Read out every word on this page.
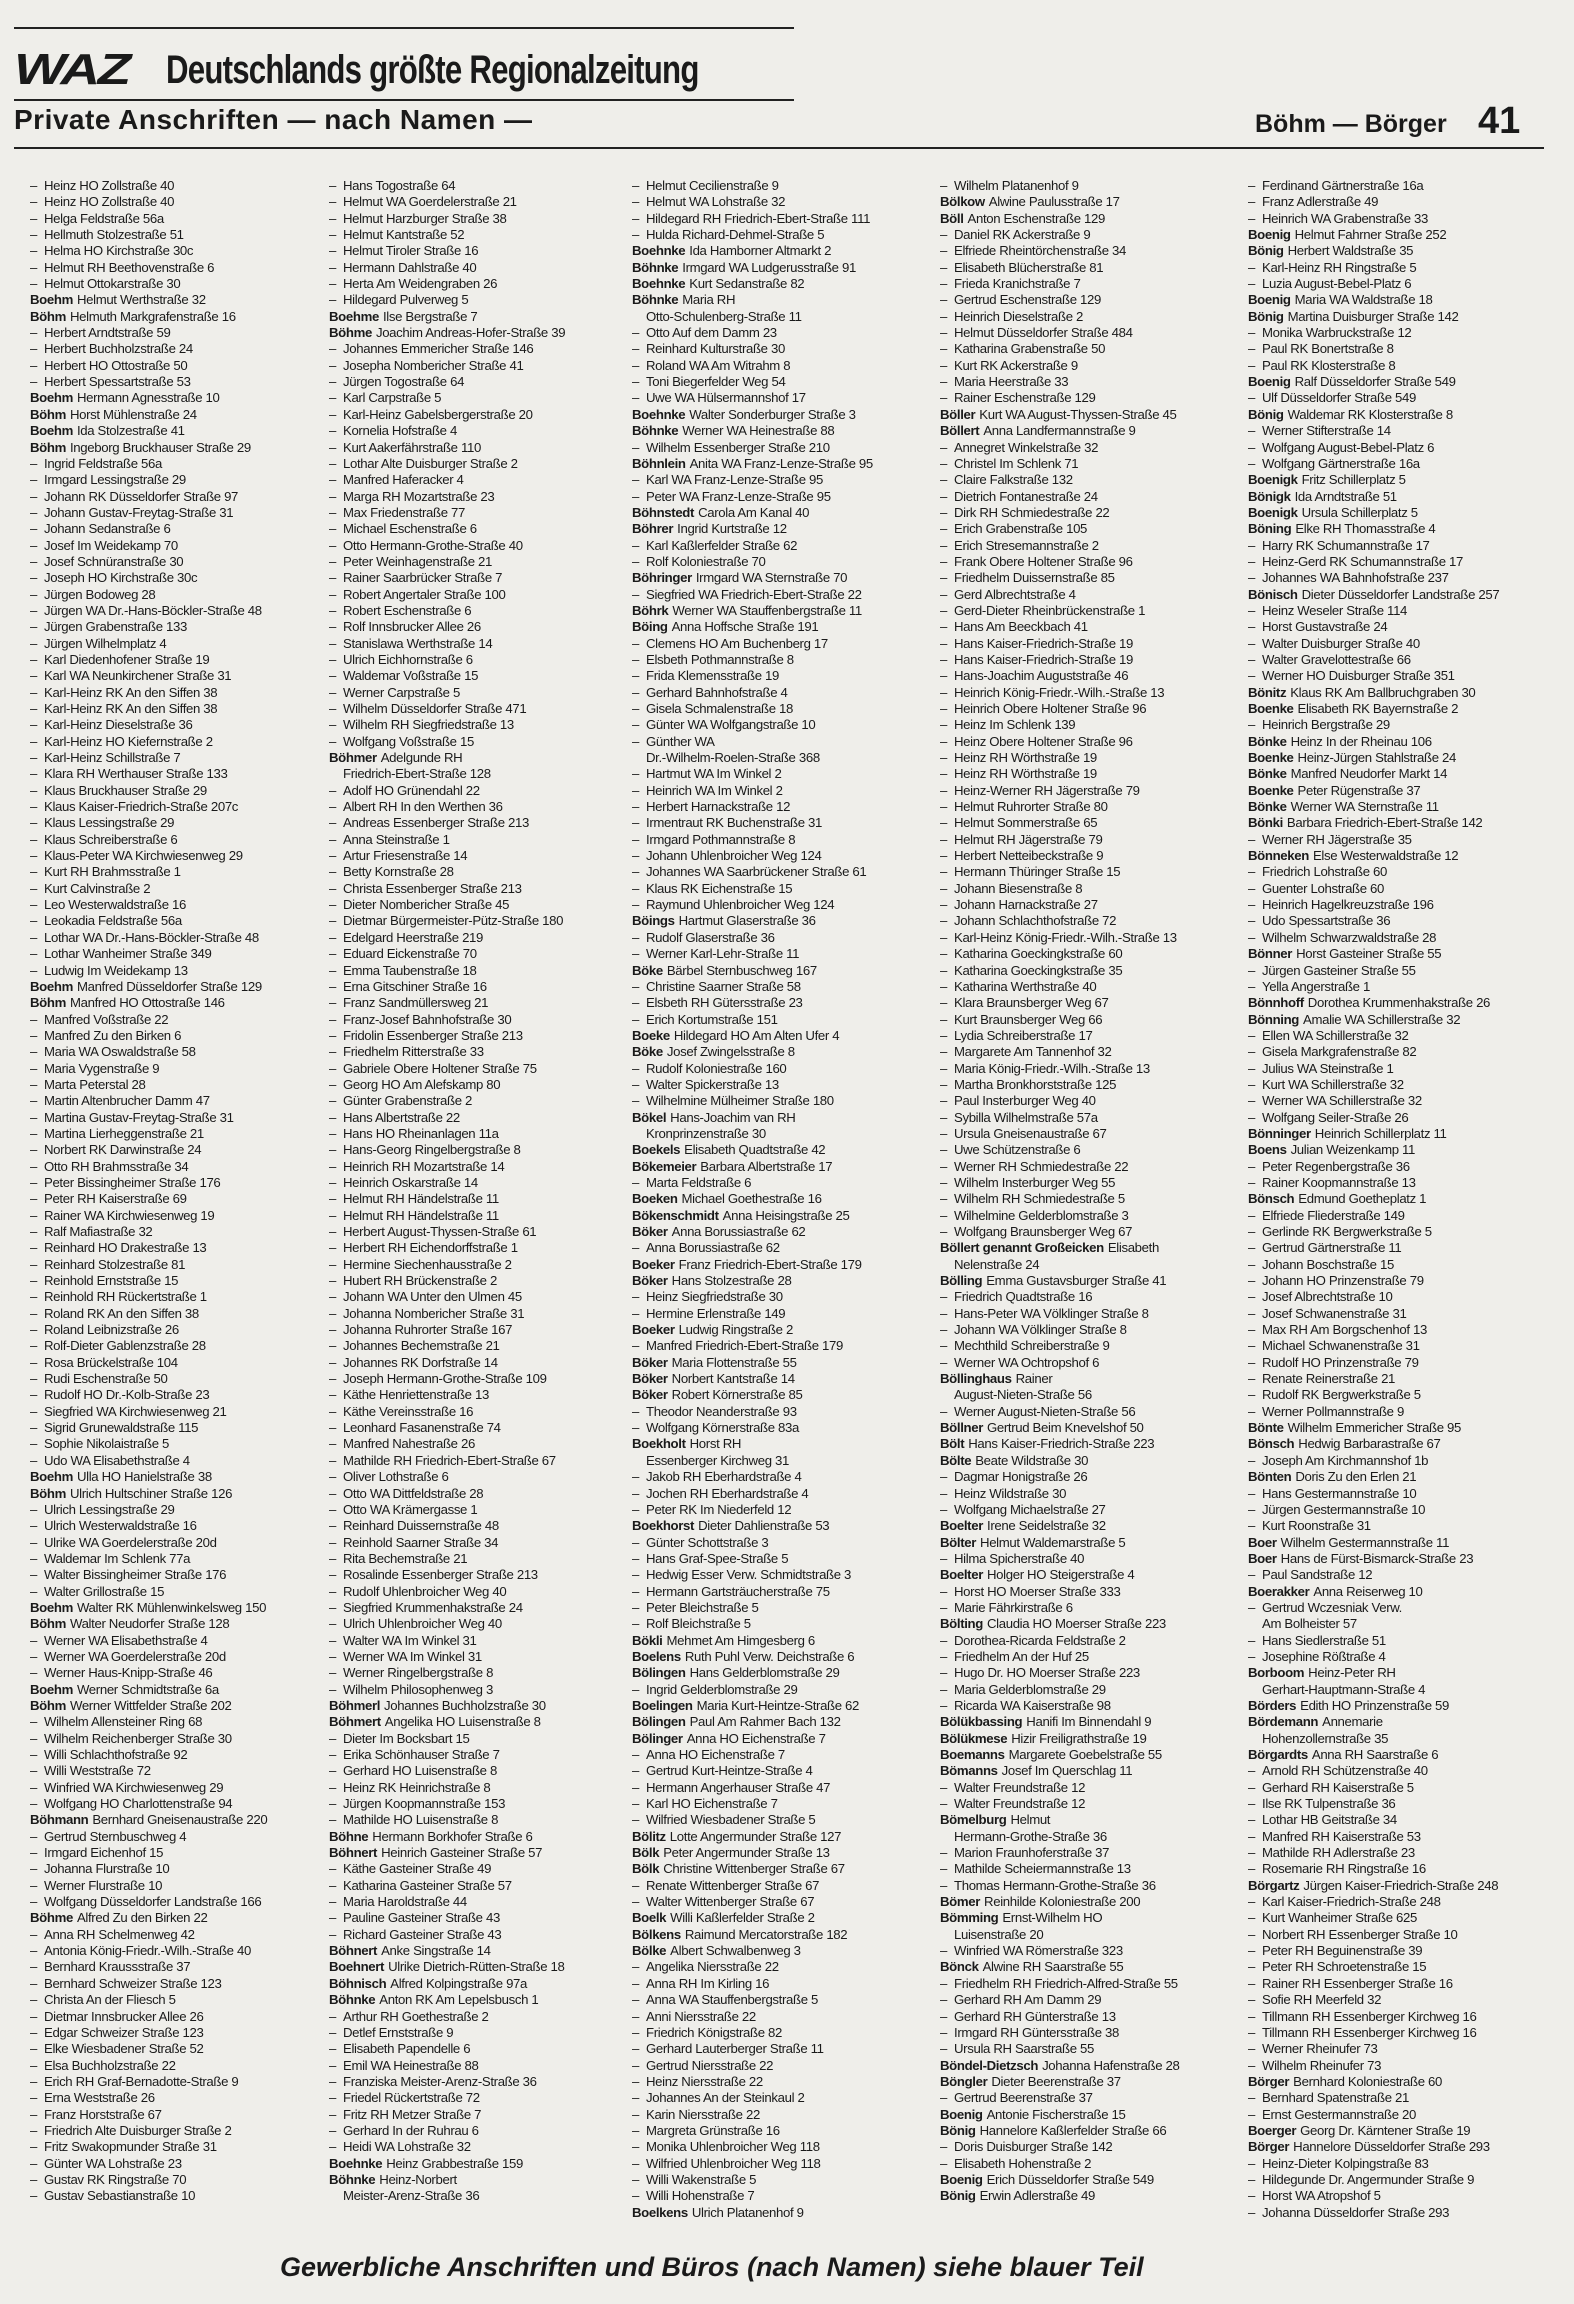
WAZ Deutschlands größte Regionalzeitung
Private Anschriften — nach Namen —	Böhm — Börger 41
– Heinz HO Zollstraße 40
– Heinz HO Zollstraße 40
– Helga Feldstraße 56a
– Hellmuth Stolzestraße 51
– Helma HO Kirchstraße 30c
– Helmut RH Beethovenstraße 6
– Helmut Ottokarstraße 30
Boehm Helmut Werthstraße 32
Böhm Helmuth Markgrafenstraße 16
– Herbert Arndtstraße 59
– Herbert Buchholzstraße 24
– Herbert HO Ottostraße 50
– Herbert Spessartstraße 53
Boehm Hermann Agnesstraße 10
Böhm Horst Mühlenstraße 24
Boehm Ida Stolzestraße 41
Böhm Ingeborg Bruckhauser Straße 29
– Ingrid Feldstraße 56a
– Irmgard Lessingstraße 29
– Johann RK Düsseldorfer Straße 97
– Johann Gustav-Freytag-Straße 31
– Johann Sedanstraße 6
– Josef Im Weidekamp 70
– Josef Schnüranstraße 30
– Joseph HO Kirchstraße 30c
– Jürgen Bodoweg 28
– Jürgen WA Dr.-Hans-Böckler-Straße 48
– Jürgen Grabenstraße 133
– Jürgen Wilhelmplatz 4
– Karl Diedenhofener Straße 19
– Karl WA Neunkirchener Straße 31
– Karl-Heinz RK An den Siffen 38
– Karl-Heinz RK An den Siffen 38
– Karl-Heinz Dieselstraße 36
– Karl-Heinz HO Kiefernstraße 2
– Karl-Heinz Schillstraße 7
– Klara RH Werthauser Straße 133
– Klaus Bruckhauser Straße 29
– Klaus Kaiser-Friedrich-Straße 207c
– Klaus Lessingstraße 29
– Klaus Schreiberstraße 6
– Klaus-Peter WA Kirchwiesenweg 29
– Kurt RH Brahmsstraße 1
– Kurt Calvinstraße 2
– Leo Westerwaldstraße 16
– Leokadia Feldstraße 56a
– Lothar WA Dr.-Hans-Böckler-Straße 48
– Lothar Wanheimer Straße 349
– Ludwig Im Weidekamp 13
Boehm Manfred Düsseldorfer Straße 129
Böhm Manfred HO Ottostraße 146
– Manfred Voßstraße 22
– Manfred Zu den Birken 6
– Maria WA Oswaldstraße 58
– Maria Vygenstraße 9
– Marta Peterstal 28
– Martin Altenbrucher Damm 47
– Martina Gustav-Freytag-Straße 31
– Martina Lierheggenstraße 21
– Norbert RK Darwinstraße 24
– Otto RH Brahmsstraße 34
– Peter Bissingheimer Straße 176
– Peter RH Kaiserstraße 69
– Rainer WA Kirchwiesenweg 19
– Ralf Mafiastraße 32
– Reinhard HO Drakestraße 13
– Reinhard Stolzestraße 81
– Reinhold Ernststraße 15
– Reinhold RH Rückertstraße 1
– Roland RK An den Siffen 38
– Roland Leibnizstraße 26
– Rolf-Dieter Gablenzstraße 28
– Rosa Brückelstraße 104
– Rudi Eschenstraße 50
– Rudolf HO Dr.-Kolb-Straße 23
– Siegfried WA Kirchwiesenweg 21
– Sigrid Grunewaldstraße 115
– Sophie Nikolaistraße 5
– Udo WA Elisabethstraße 4
Boehm Ulla HO Hanielstraße 38
Böhm Ulrich Hultschiner Straße 126
– Ulrich Lessingstraße 29
– Ulrich Westerwaldstraße 16
– Ulrike WA Goerdelerstraße 20d
– Waldemar Im Schlenk 77a
– Walter Bissingheimer Straße 176
– Walter Grillostraße 15
Boehm Walter RK Mühlenwinkelsweg 150
Böhm Walter Neudorfer Straße 128
– Werner WA Elisabethstraße 4
– Werner WA Goerdelerstraße 20d
– Werner Haus-Knipp-Straße 46
Boehm Werner Schmidtstraße 6a
Böhm Werner Wittfelder Straße 202
– Wilhelm Allensteiner Ring 68
– Wilhelm Reichenberger Straße 30
– Willi Schlachthofstraße 92
– Willi Weststraße 72
– Winfried WA Kirchwiesenweg 29
– Wolfgang HO Charlottenstraße 94
Böhmann Bernhard Gneisenaustraße 220
– Gertrud Sternbuschweg 4
– Irmgard Eichenhof 15
– Johanna Flurstraße 10
– Werner Flurstraße 10
– Wolfgang Düsseldorfer Landstraße 166
Böhme Alfred Zu den Birken 22
– Anna RH Schelmenweg 42
– Antonia König-Friedr.-Wilh.-Straße 40
– Bernhard Kraussstraße 37
– Bernhard Schweizer Straße 123
– Christa An der Fliesch 5
– Dietmar Innsbrucker Allee 26
– Edgar Schweizer Straße 123
– Elke Wiesbadener Straße 52
– Elsa Buchholzstraße 22
– Erich RH Graf-Bernadotte-Straße 9
– Erna Weststraße 26
– Franz Horststraße 67
– Friedrich Alte Duisburger Straße 2
– Fritz Swakopmunder Straße 31
– Günter WA Lohstraße 23
– Gustav RK Ringstraße 70
– Gustav Sebastianstraße 10
– Hans Togostraße 64
– Helmut WA Goerdelerstraße 21
– Helmut Harzburger Straße 38
– Helmut Kantstraße 52
– Helmut Tiroler Straße 16
– Hermann Dahlstraße 40
– Herta Am Weidengraben 26
– Hildegard Pulverweg 5
Boehme Ilse Bergstraße 7
Böhme Joachim Andreas-Hofer-Straße 39
– Johannes Emmericher Straße 146
– Josepha Nombericher Straße 41
– Jürgen Togostraße 64
– Karl Carpstraße 5
– Karl-Heinz Gabelsbergerstraße 20
– Kornelia Hofstraße 4
– Kurt Aakerfährstraße 110
– Lothar Alte Duisburger Straße 2
– Manfred Haferacker 4
– Marga RH Mozartstraße 23
– Max Friedenstraße 77
– Michael Eschenstraße 6
– Otto Hermann-Grothe-Straße 40
– Peter Weinhagenstraße 21
– Rainer Saarbrücker Straße 7
– Robert Angertaler Straße 100
– Robert Eschenstraße 6
– Rolf Innsbrucker Allee 26
– Stanislawa Werthstraße 14
– Ulrich Eichhornstraße 6
– Waldemar Voßstraße 15
– Werner Carpstraße 5
– Wilhelm Düsseldorfer Straße 471
– Wilhelm RH Siegfriedstraße 13
– Wolfgang Voßstraße 15
Böhmer Adelgunde RH
Friedrich-Ebert-Straße 128
– Adolf HO Grünendahl 22
– Albert RH In den Werthen 36
– Andreas Essenberger Straße 213
– Anna Steinstraße 1
– Artur Friesenstraße 14
– Betty Kornstraße 28
– Christa Essenberger Straße 213
– Dieter Nombericher Straße 45
– Dietmar Bürgermeister-Pütz-Straße 180
– Edelgard Heerstraße 219
– Eduard Eickenstraße 70
– Emma Taubenstraße 18
– Erna Gitschiner Straße 16
– Franz Sandmüllersweg 21
– Franz-Josef Bahnhofstraße 30
– Fridolin Essenberger Straße 213
– Friedhelm Ritterstraße 33
– Gabriele Obere Holtener Straße 75
– Georg HO Am Alefskamp 80
– Günter Grabenstraße 2
– Hans Albertstraße 22
– Hans HO Rheinanlagen 11a
– Hans-Georg Ringelbergstraße 8
– Heinrich RH Mozartstraße 14
– Heinrich Oskarstraße 14
– Helmut RH Händelstraße 11
– Helmut RH Händelstraße 11
– Herbert August-Thyssen-Straße 61
– Herbert RH Eichendorffstraße 1
– Hermine Siechenhausstraße 2
– Hubert RH Brückenstraße 2
– Johann WA Unter den Ulmen 45
– Johanna Nombericher Straße 31
– Johanna Ruhrorter Straße 167
– Johannes Bechemstraße 21
– Johannes RK Dorfstraße 14
– Joseph Hermann-Grothe-Straße 109
– Käthe Henriettenstraße 13
– Käthe Vereinsstraße 16
– Leonhard Fasanenstraße 74
– Manfred Nahestraße 26
– Mathilde RH Friedrich-Ebert-Straße 67
– Oliver Lothstraße 6
– Otto WA Dittfeldstraße 28
– Otto WA Krämergasse 1
– Reinhard Duissernstraße 48
– Reinhold Saarner Straße 34
– Rita Bechemstraße 21
– Rosalinde Essenberger Straße 213
– Rudolf Uhlenbroicher Weg 40
– Siegfried Krummenhakstraße 24
– Ulrich Uhlenbroicher Weg 40
– Walter WA Im Winkel 31
– Werner WA Im Winkel 31
– Werner Ringelbergstraße 8
– Wilhelm Philosophenweg 3
Böhmerl Johannes Buchholzstraße 30
Böhmert Angelika HO Luisenstraße 8
– Dieter Im Bocksbart 15
– Erika Schönhauser Straße 7
– Gerhard HO Luisenstraße 8
– Heinz RK Heinrichstraße 8
– Jürgen Koopmannstraße 153
– Mathilde HO Luisenstraße 8
Böhne Hermann Borkhofer Straße 6
Böhnert Heinrich Gasteiner Straße 57
– Käthe Gasteiner Straße 49
– Katharina Gasteiner Straße 57
– Maria Haroldstraße 44
– Pauline Gasteiner Straße 43
– Richard Gasteiner Straße 43
Böhnert Anke Singstraße 14
Boehnert Ulrike Dietrich-Rütten-Straße 18
Böhnisch Alfred Kolpingstraße 97a
Böhnke Anton RK Am Lepelsbusch 1
– Arthur RH Goethestraße 2
– Detlef Ernststraße 9
– Elisabeth Papendelle 6
– Emil WA Heinestraße 88
– Franziska Meister-Arenz-Straße 36
– Friedel Rückertstraße 72
– Fritz RH Metzer Straße 7
– Gerhard In der Ruhrau 6
– Heidi WA Lohstraße 32
Boehnke Heinz Grabbestraße 159
Böhnke Heinz-Norbert
Meister-Arenz-Straße 36
– Helmut Cecilienstraße 9
– Helmut WA Lohstraße 32
– Hildegard RH Friedrich-Ebert-Straße 111
– Hulda Richard-Dehmel-Straße 5
Boehnke Ida Hamborner Altmarkt 2
Böhnke Irmgard WA Ludgerusstraße 91
Boehnke Kurt Sedanstraße 82
Böhnke Maria RH
Otto-Schulenberg-Straße 11
– Otto Auf dem Damm 23
– Reinhard Kulturstraße 30
– Roland WA Am Witrahm 8
– Toni Biegerfelder Weg 54
– Uwe WA Hülsermannshof 17
Boehnke Walter Sonderburger Straße 3
Böhnke Werner WA Heinestraße 88
– Wilhelm Essenberger Straße 210
Böhnlein Anita WA Franz-Lenze-Straße 95
– Karl WA Franz-Lenze-Straße 95
– Peter WA Franz-Lenze-Straße 95
Böhnstedt Carola Am Kanal 40
Böhrer Ingrid Kurtstraße 12
– Karl Kaßlerfelder Straße 62
– Rolf Koloniestraße 70
Böhringer Irmgard WA Sternstraße 70
– Siegfried WA Friedrich-Ebert-Straße 22
Böhrk Werner WA Stauffenbergstraße 11
Böing Anna Hoffsche Straße 191
– Clemens HO Am Buchenberg 17
– Elsbeth Pothmannstraße 8
– Frida Klemensstraße 19
– Gerhard Bahnhofstraße 4
– Gisela Schmalenstraße 18
– Günter WA Wolfgangstraße 10
– Günther WA
Dr.-Wilhelm-Roelen-Straße 368
– Hartmut WA Im Winkel 2
– Heinrich WA Im Winkel 2
– Herbert Harnackstraße 12
– Irmentraut RK Buchenstraße 31
– Irmgard Pothmannstraße 8
– Johann Uhlenbroicher Weg 124
– Johannes WA Saarbrückener Straße 61
– Klaus RK Eichenstraße 15
– Raymund Uhlenbroicher Weg 124
Böings Hartmut Glaserstraße 36
– Rudolf Glaserstraße 36
– Werner Karl-Lehr-Straße 11
Böke Bärbel Sternbuschweg 167
– Christine Saarner Straße 58
– Elsbeth RH Gütersstraße 23
– Erich Kortumstraße 151
Boeke Hildegard HO Am Alten Ufer 4
Böke Josef Zwingelsstraße 8
– Rudolf Koloniestraße 160
– Walter Spickerstraße 13
– Wilhelmine Mülheimer Straße 180
Bökel Hans-Joachim van RH
Kronprinzenstraße 30
Boekels Elisabeth Quadtstraße 42
Bökemeier Barbara Albertstraße 17
– Marta Feldstraße 6
Boeken Michael Goethestraße 16
Bökenschmidt Anna Heisingstraße 25
Böker Anna Borussiastraße 62
– Anna Borussiastraße 62
Boeker Franz Friedrich-Ebert-Straße 179
Böker Hans Stolzestraße 28
– Heinz Siegfriedstraße 30
– Hermine Erlenstraße 149
Boeker Ludwig Ringstraße 2
– Manfred Friedrich-Ebert-Straße 179
Böker Maria Flottenstraße 55
Böker Norbert Kantstraße 14
Böker Robert Körnerstraße 85
– Theodor Neanderstraße 93
– Wolfgang Körnerstraße 83a
Boekholt Horst RH
Essenberger Kirchweg 31
– Jakob RH Eberhardstraße 4
– Jochen RH Eberhardstraße 4
– Peter RK Im Niederfeld 12
Boekhorst Dieter Dahlienstraße 53
– Günter Schottstraße 3
– Hans Graf-Spee-Straße 5
– Hedwig Esser Verw. Schmidtstraße 3
– Hermann Gartsträucherstraße 75
– Peter Bleichstraße 5
– Rolf Bleichstraße 5
Bökli Mehmet Am Himgesberg 6
Boelens Ruth Puhl Verw. Deichstraße 6
Bölingen Hans Gelderblomstraße 29
– Ingrid Gelderblomstraße 29
Boelingen Maria Kurt-Heintze-Straße 62
Bölingen Paul Am Rahmer Bach 132
Bölinger Anna HO Eichenstraße 7
– Anna HO Eichenstraße 7
– Gertrud Kurt-Heintze-Straße 4
– Hermann Angerhauser Straße 47
– Karl HO Eichenstraße 7
– Wilfried Wiesbadener Straße 5
Bölitz Lotte Angermunder Straße 127
Bölk Peter Angermunder Straße 13
Bölk Christine Wittenberger Straße 67
– Renate Wittenberger Straße 67
– Walter Wittenberger Straße 67
Boelk Willi Kaßlerfelder Straße 2
Bölkens Raimund Mercatorstraße 182
Bölke Albert Schwalbenweg 3
– Angelika Niersstraße 22
– Anna RH Im Kirling 16
– Anna WA Stauffenbergstraße 5
– Anni Niersstraße 22
– Friedrich Königstraße 82
– Gerhard Lauterberger Straße 11
– Gertrud Niersstraße 22
– Heinz Niersstraße 22
– Johannes An der Steinkaul 2
– Karin Niersstraße 22
– Margreta Grünstraße 16
– Monika Uhlenbroicher Weg 118
– Wilfried Uhlenbroicher Weg 118
– Willi Wakenstraße 5
– Willi Hohenstraße 7
Boelkens Ulrich Platanenhof 9
– Wilhelm Platanenhof 9
Bölkow Alwine Paulusstraße 17
Böll Anton Eschenstraße 129
– Daniel RK Ackerstraße 9
– Elfriede Rheintörchenstraße 34
– Elisabeth Blücherstraße 81
– Frieda Kranichstraße 7
– Gertrud Eschenstraße 129
– Heinrich Dieselstraße 2
– Helmut Düsseldorfer Straße 484
– Katharina Grabenstraße 50
– Kurt RK Ackerstraße 9
– Maria Heerstraße 33
– Rainer Eschenstraße 129
Böller Kurt WA August-Thyssen-Straße 45
Böllert Anna Landfermannstraße 9
– Annegret Winkelstraße 32
– Christel Im Schlenk 71
– Claire Falkstraße 132
– Dietrich Fontanestraße 24
– Dirk RH Schmiedestraße 22
– Erich Grabenstraße 105
– Erich Stresemannstraße 2
– Frank Obere Holtener Straße 96
– Friedhelm Duissernstraße 85
– Gerd Albrechtstraße 4
– Gerd-Dieter Rheinbrückenstraße 1
– Hans Am Beeckbach 41
– Hans Kaiser-Friedrich-Straße 19
– Hans Kaiser-Friedrich-Straße 19
– Hans-Joachim Auguststraße 46
– Heinrich König-Friedr.-Wilh.-Straße 13
– Heinrich Obere Holtener Straße 96
– Heinz Im Schlenk 139
– Heinz Obere Holtener Straße 96
– Heinz RH Wörthstraße 19
– Heinz RH Wörthstraße 19
– Heinz-Werner RH Jägerstraße 79
– Helmut Ruhrorter Straße 80
– Helmut Sommerstraße 65
– Helmut RH Jägerstraße 79
– Herbert Netteibeckstraße 9
– Hermann Thüringer Straße 15
– Johann Biesenstraße 8
– Johann Harnackstraße 27
– Johann Schlachthofstraße 72
– Karl-Heinz König-Friedr.-Wilh.-Straße 13
– Katharina Goeckingkstraße 60
– Katharina Goeckingkstraße 35
– Katharina Werthstraße 40
– Klara Braunsberger Weg 67
– Kurt Braunsberger Weg 66
– Lydia Schreiberstraße 17
– Margarete Am Tannenhof 32
– Maria König-Friedr.-Wilh.-Straße 13
– Martha Bronkhorststraße 125
– Paul Insterburger Weg 40
– Sybilla Wilhelmstraße 57a
– Ursula Gneisenaustraße 67
– Uwe Schützenstraße 6
– Werner RH Schmiedestraße 22
– Wilhelm Insterburger Weg 55
– Wilhelm RH Schmiedestraße 5
– Wilhelmine Gelderblomstraße 3
– Wolfgang Braunsberger Weg 67
Böllert genannt Großeicken Elisabeth
Nelenstraße 24
Bölling Emma Gustavsburger Straße 41
– Friedrich Quadtstraße 16
– Hans-Peter WA Völklinger Straße 8
– Johann WA Völklinger Straße 8
– Mechthild Schreiberstraße 9
– Werner WA Ochtropshof 6
Böllinghaus Rainer
August-Nieten-Straße 56
– Werner August-Nieten-Straße 56
Böllner Gertrud Beim Knevelshof 50
Bölt Hans Kaiser-Friedrich-Straße 223
Bölte Beate Wildstraße 30
– Dagmar Honigstraße 26
– Heinz Wildstraße 30
– Wolfgang Michaelstraße 27
Boelter Irene Seidelstraße 32
Bölter Helmut Waldemarstraße 5
– Hilma Spicherstraße 40
Boelter Holger HO Steigerstraße 4
– Horst HO Moerser Straße 333
– Marie Fährkirstraße 6
Bölting Claudia HO Moerser Straße 223
– Dorothea-Ricarda Feldstraße 2
– Friedhelm An der Huf 25
– Hugo Dr. HO Moerser Straße 223
– Maria Gelderblomstraße 29
– Ricarda WA Kaiserstraße 98
Bölükbassing Hanifi Im Binnendahl 9
Bölükmese Hizir Freiligrathstraße 19
Boemanns Margarete Goebelstraße 55
Bömanns Josef Im Querschlag 11
– Walter Freundstraße 12
– Walter Freundstraße 12
Bömelburg Helmut
Hermann-Grothe-Straße 36
– Marion Fraunhoferstraße 37
– Mathilde Scheiermannstraße 13
– Thomas Hermann-Grothe-Straße 36
Bömer Reinhilde Koloniestraße 200
Bömming Ernst-Wilhelm HO
Luisenstraße 20
– Winfried WA Römerstraße 323
Bönck Alwine RH Saarstraße 55
– Friedhelm RH Friedrich-Alfred-Straße 55
– Gerhard RH Am Damm 29
– Gerhard RH Günterstraße 13
– Irmgard RH Güntersstraße 38
– Ursula RH Saarstraße 55
Böndel-Dietzsch Johanna Hafenstraße 28
Böngler Dieter Beerenstraße 37
– Gertrud Beerenstraße 37
Boenig Antonie Fischerstraße 15
Bönig Hannelore Kaßlerfelder Straße 66
– Doris Duisburger Straße 142
– Elisabeth Hohenstraße 2
Boenig Erich Düsseldorfer Straße 549
Bönig Erwin Adlerstraße 49
– Ferdinand Gärtnerstraße 16a
– Franz Adlerstraße 49
– Heinrich WA Grabenstraße 33
Boenig Helmut Fahrner Straße 252
Bönig Herbert Waldstraße 35
– Karl-Heinz RH Ringstraße 5
– Luzia August-Bebel-Platz 6
Boenig Maria WA Waldstraße 18
Bönig Martina Duisburger Straße 142
– Monika Warbruckstraße 12
– Paul RK Bonertstraße 8
– Paul RK Klosterstraße 8
Boenig Ralf Düsseldorfer Straße 549
– Ulf Düsseldorfer Straße 549
Bönig Waldemar RK Klosterstraße 8
– Werner Stifterstraße 14
– Wolfgang August-Bebel-Platz 6
– Wolfgang Gärtnerstraße 16a
Boenigk Fritz Schillerplatz 5
Bönigk Ida Arndtstraße 51
Boenigk Ursula Schillerplatz 5
Böning Elke RH Thomasstraße 4
– Harry RK Schumannstraße 17
– Heinz-Gerd RK Schumannstraße 17
– Johannes WA Bahnhofstraße 237
Bönisch Dieter Düsseldorfer Landstraße 257
– Heinz Weseler Straße 114
– Horst Gustavstraße 24
– Walter Duisburger Straße 40
– Walter Gravelottestraße 66
– Werner HO Duisburger Straße 351
Bönitz Klaus RK Am Ballbruchgraben 30
Boenke Elisabeth RK Bayernstraße 2
– Heinrich Bergstraße 29
Bönke Heinz In der Rheinau 106
Boenke Heinz-Jürgen Stahlstraße 24
Bönke Manfred Neudorfer Markt 14
Boenke Peter Rügenstraße 37
Bönke Werner WA Sternstraße 11
Bönki Barbara Friedrich-Ebert-Straße 142
– Werner RH Jägerstraße 35
Bönneken Else Westerwaldstraße 12
– Friedrich Lohstraße 60
– Guenter Lohstraße 60
– Heinrich Hagelkreuzstraße 196
– Udo Spessartstraße 36
– Wilhelm Schwarzwaldstraße 28
Bönner Horst Gasteiner Straße 55
– Jürgen Gasteiner Straße 55
– Yella Angerstraße 1
Bönnhoff Dorothea Krummenhakstraße 26
Bönning Amalie WA Schillerstraße 32
– Ellen WA Schillerstraße 32
– Gisela Markgrafenstraße 82
– Julius WA Steinstraße 1
– Kurt WA Schillerstraße 32
– Werner WA Schillerstraße 32
– Wolfgang Seiler-Straße 26
Bönninger Heinrich Schillerplatz 11
Boens Julian Weizenkamp 11
– Peter Regenbergstraße 36
– Rainer Koopmannstraße 13
Bönsch Edmund Goetheplatz 1
– Elfriede Fliederstraße 149
– Gerlinde RK Bergwerkstraße 5
– Gertrud Gärtnerstraße 11
– Johann Boschstraße 15
– Johann HO Prinzenstraße 79
– Josef Albrechtstraße 10
– Josef Schwanenstraße 31
– Max RH Am Borgschenhof 13
– Michael Schwanenstraße 31
– Rudolf HO Prinzenstraße 79
– Renate Reinerstraße 21
– Rudolf RK Bergwerkstraße 5
– Werner Pollmannstraße 9
Bönte Wilhelm Emmericher Straße 95
Bönsch Hedwig Barbarastraße 67
– Joseph Am Kirchmannshof 1b
Bönten Doris Zu den Erlen 21
– Hans Gestermannstraße 10
– Jürgen Gestermannstraße 10
– Kurt Roonstraße 31
Boer Wilhelm Gestermannstraße 11
Boer Hans de Fürst-Bismarck-Straße 23
– Paul Sandstraße 12
Boerakker Anna Reiserweg 10
– Gertrud Wczesniak Verw.
Am Bolheister 57
– Hans Siedlerstraße 51
– Josephine Rößtraße 4
Borboom Heinz-Peter RH
Gerhart-Hauptmann-Straße 4
Börders Edith HO Prinzenstraße 59
Bördemann Annemarie
Hohenzollernstraße 35
Börgardts Anna RH Saarstraße 6
– Arnold RH Schützenstraße 40
– Gerhard RH Kaiserstraße 5
– Ilse RK Tulpenstraße 36
– Lothar HB Geitstraße 34
– Manfred RH Kaiserstraße 53
– Mathilde RH Adlerstraße 23
– Rosemarie RH Ringstraße 16
Börgartz Jürgen Kaiser-Friedrich-Straße 248
– Karl Kaiser-Friedrich-Straße 248
– Kurt Wanheimer Straße 625
– Norbert RH Essenberger Straße 10
– Peter RH Beguinenstraße 39
– Peter RH Schroetenstraße 15
– Rainer RH Essenberger Straße 16
– Sofie RH Meerfeld 32
– Tillmann RH Essenberger Kirchweg 16
– Tillmann RH Essenberger Kirchweg 16
– Werner Rheinufer 73
– Wilhelm Rheinufer 73
Börger Bernhard Koloniestraße 60
– Bernhard Spatenstraße 21
– Ernst Gestermannstraße 20
Boerger Georg Dr. Kärntener Straße 19
Börger Hannelore Düsseldorfer Straße 293
– Heinz-Dieter Kolpingstraße 83
– Hildegunde Dr. Angermunder Straße 9
– Horst WA Atropshof 5
– Johanna Düsseldorfer Straße 293
Gewerbliche Anschriften und Büros (nach Namen) siehe blauer Teil
